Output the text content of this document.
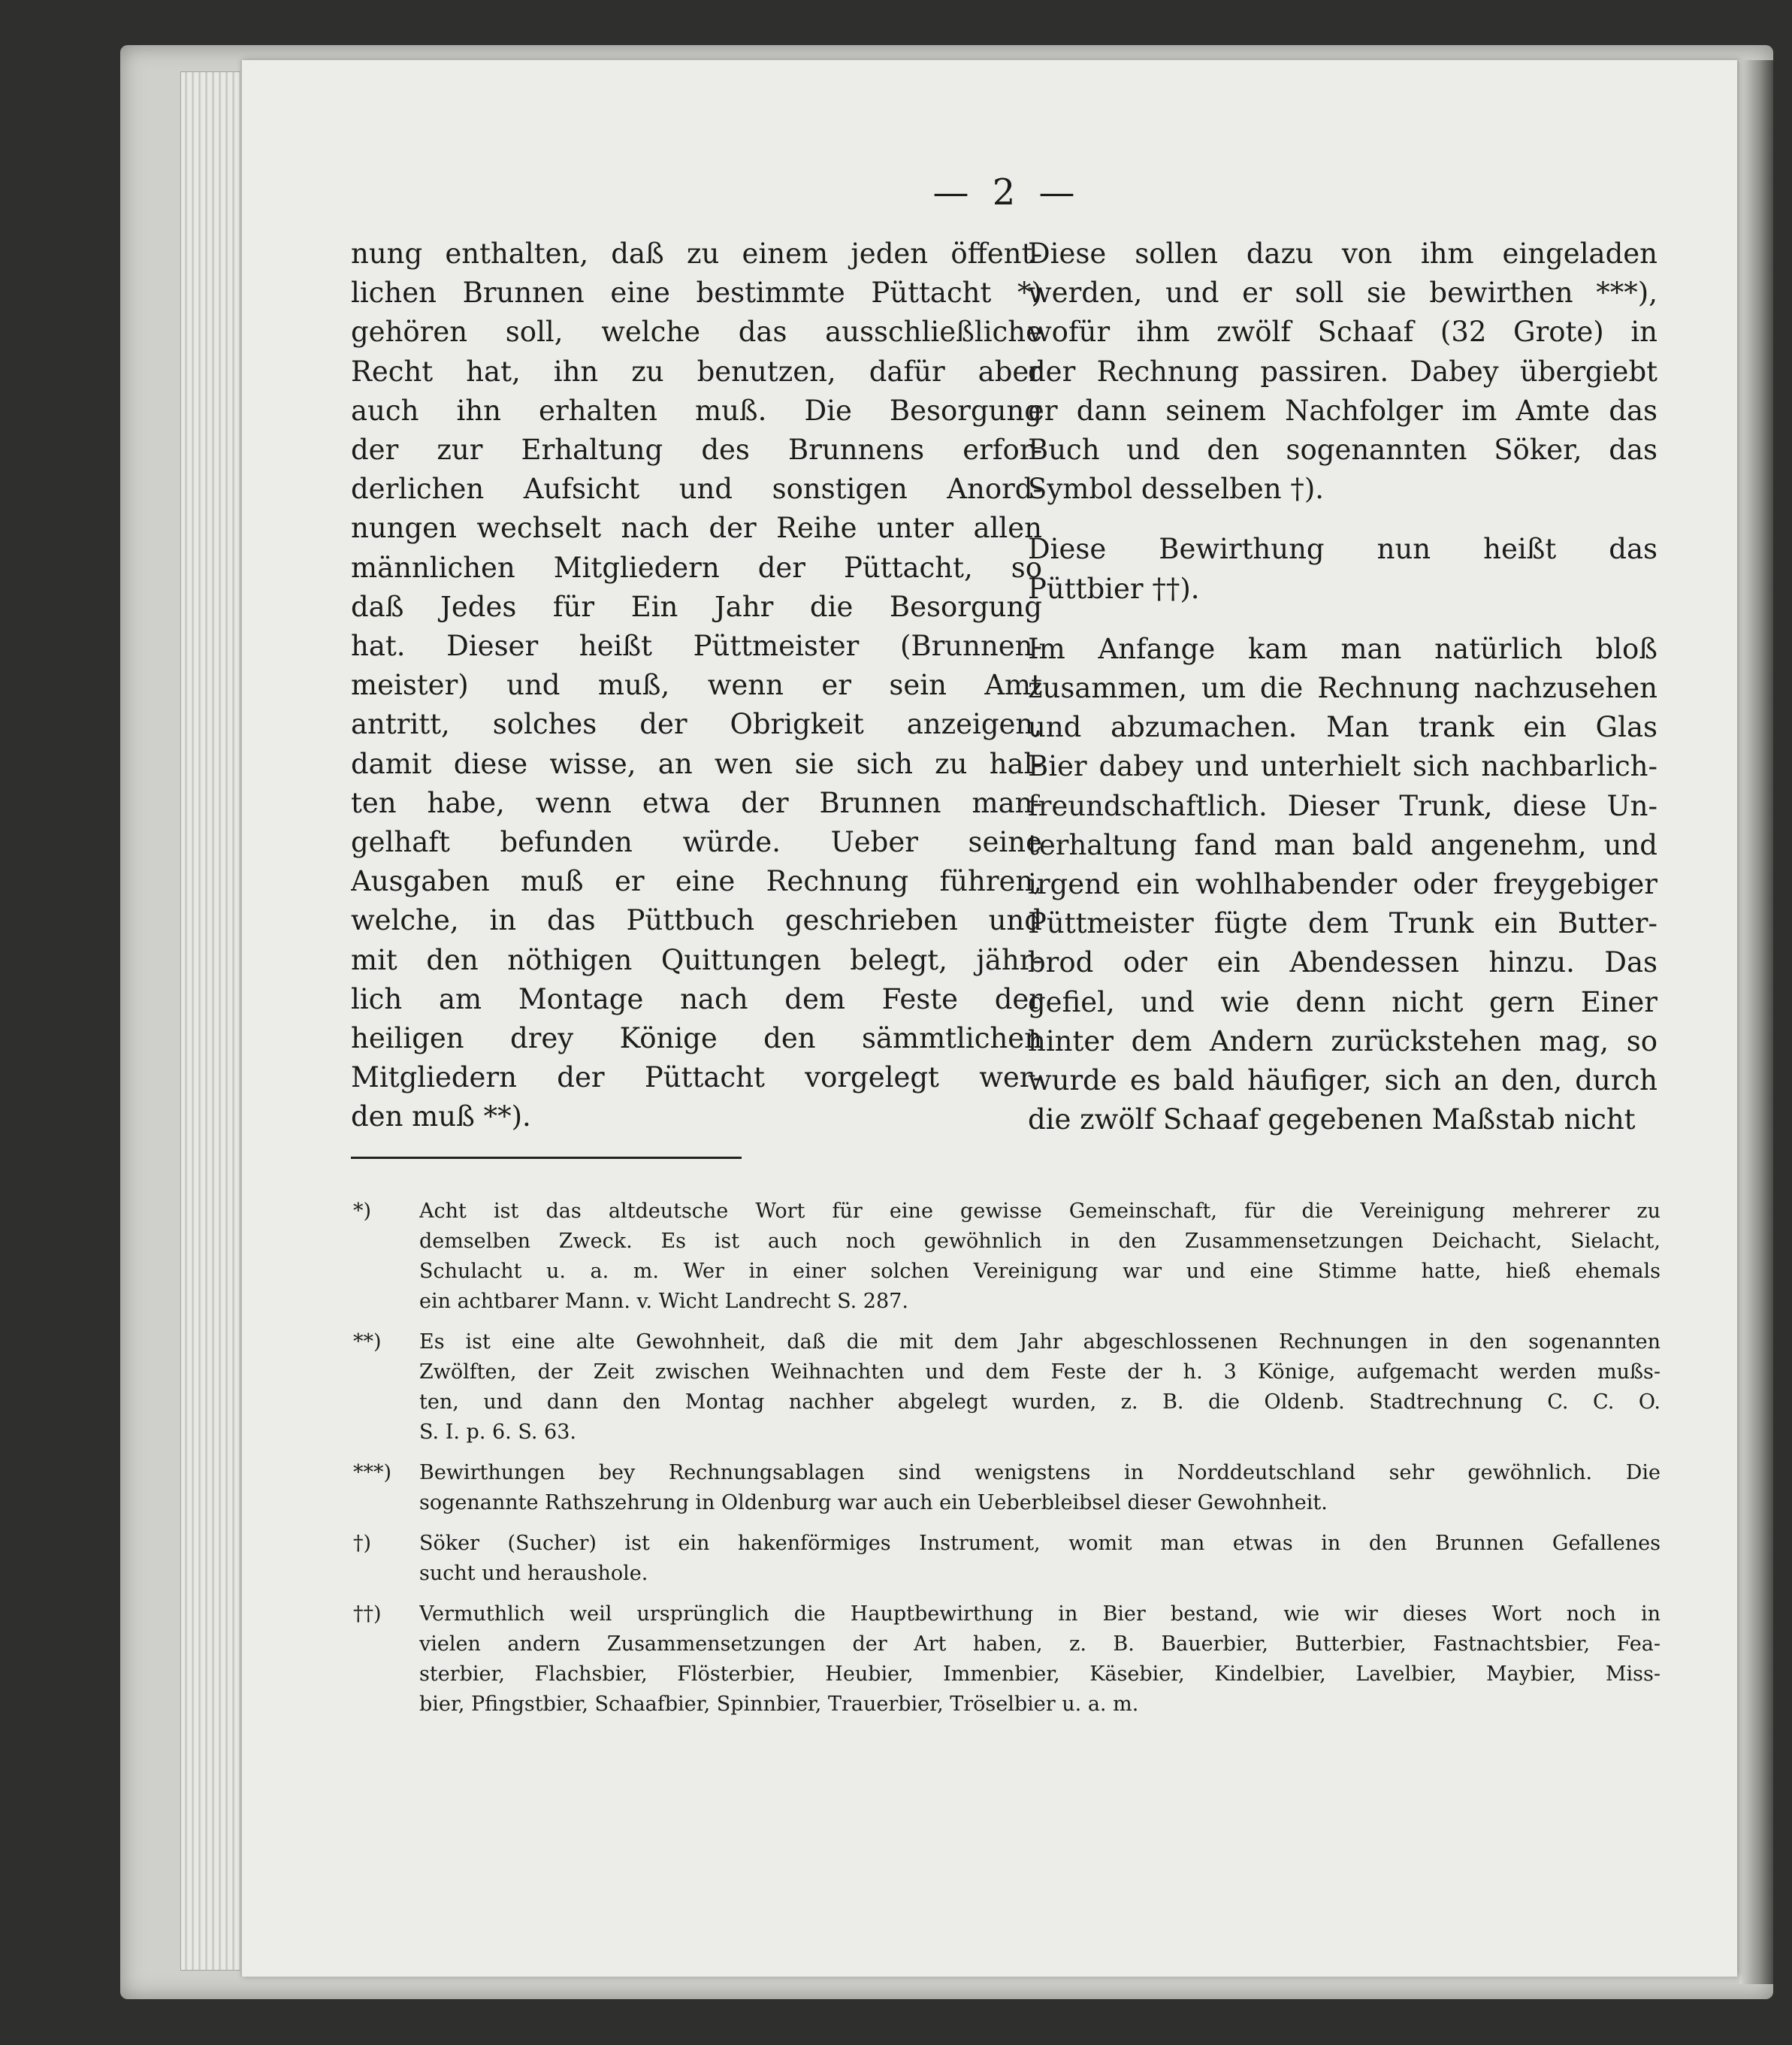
— 2 —
nung enthalten, daß zu einem jeden öffent-
lichen Brunnen eine bestimmte Püttacht *)
gehören soll, welche das ausschließliche
Recht hat, ihn zu benutzen, dafür aber
auch ihn erhalten muß. Die Besorgung
der zur Erhaltung des Brunnens erfor-
derlichen Aufsicht und sonstigen Anord-
nungen wechselt nach der Reihe unter allen
männlichen Mitgliedern der Püttacht, so
daß Jedes für Ein Jahr die Besorgung
hat. Dieser heißt Püttmeister (Brunnen-
meister) und muß, wenn er sein Amt
antritt, solches der Obrigkeit anzeigen,
damit diese wisse, an wen sie sich zu hal-
ten habe, wenn etwa der Brunnen man-
gelhaft befunden würde. Ueber seine
Ausgaben muß er eine Rechnung führen,
welche, in das Püttbuch geschrieben und
mit den nöthigen Quittungen belegt, jähr-
lich am Montage nach dem Feste der
heiligen drey Könige den sämmtlichen
Mitgliedern der Püttacht vorgelegt wer-
den muß **).
Diese sollen dazu von ihm eingeladen
werden, und er soll sie bewirthen ***),
wofür ihm zwölf Schaaf (32 Grote) in
der Rechnung passiren. Dabey übergiebt
er dann seinem Nachfolger im Amte das
Buch und den sogenannten Söker, das
Symbol desselben †).
Diese Bewirthung nun heißt das
Püttbier ††).
Im Anfange kam man natürlich bloß
zusammen, um die Rechnung nachzusehen
und abzumachen. Man trank ein Glas
Bier dabey und unterhielt sich nachbarlich-
freundschaftlich. Dieser Trunk, diese Un-
terhaltung fand man bald angenehm, und
irgend ein wohlhabender oder freygebiger
Püttmeister fügte dem Trunk ein Butter-
brod oder ein Abendessen hinzu. Das
gefiel, und wie denn nicht gern Einer
hinter dem Andern zurückstehen mag, so
wurde es bald häufiger, sich an den, durch
die zwölf Schaaf gegebenen Maßstab nicht
*)	Acht ist das altdeutsche Wort für eine gewisse Gemeinschaft, für die Vereinigung mehrerer zu
demselben Zweck. Es ist auch noch gewöhnlich in den Zusammensetzungen Deichacht, Sielacht,
Schulacht u. a. m. Wer in einer solchen Vereinigung war und eine Stimme hatte, hieß ehemals
ein achtbarer Mann. v. Wicht Landrecht S. 287.
**)	Es ist eine alte Gewohnheit, daß die mit dem Jahr abgeschlossenen Rechnungen in den sogenannten
Zwölften, der Zeit zwischen Weihnachten und dem Feste der h. 3 Könige, aufgemacht werden mußs-
ten, und dann den Montag nachher abgelegt wurden, z. B. die Oldenb. Stadtrechnung C. C. O.
S. I. p. 6. S. 63.
***)	Bewirthungen bey Rechnungsablagen sind wenigstens in Norddeutschland sehr gewöhnlich. Die
sogenannte Rathszehrung in Oldenburg war auch ein Ueberbleibsel dieser Gewohnheit.
†)	Söker (Sucher) ist ein hakenförmiges Instrument, womit man etwas in den Brunnen Gefallenes
sucht und heraushole.
††)	Vermuthlich weil ursprünglich die Hauptbewirthung in Bier bestand, wie wir dieses Wort noch in
vielen andern Zusammensetzungen der Art haben, z. B. Bauerbier, Butterbier, Fastnachtsbier, Fea-
sterbier, Flachsbier, Flösterbier, Heubier, Immenbier, Käsebier, Kindelbier, Lavelbier, Maybier, Miss-
bier, Pfingstbier, Schaafbier, Spinnbier, Trauerbier, Tröselbier u. a. m.
